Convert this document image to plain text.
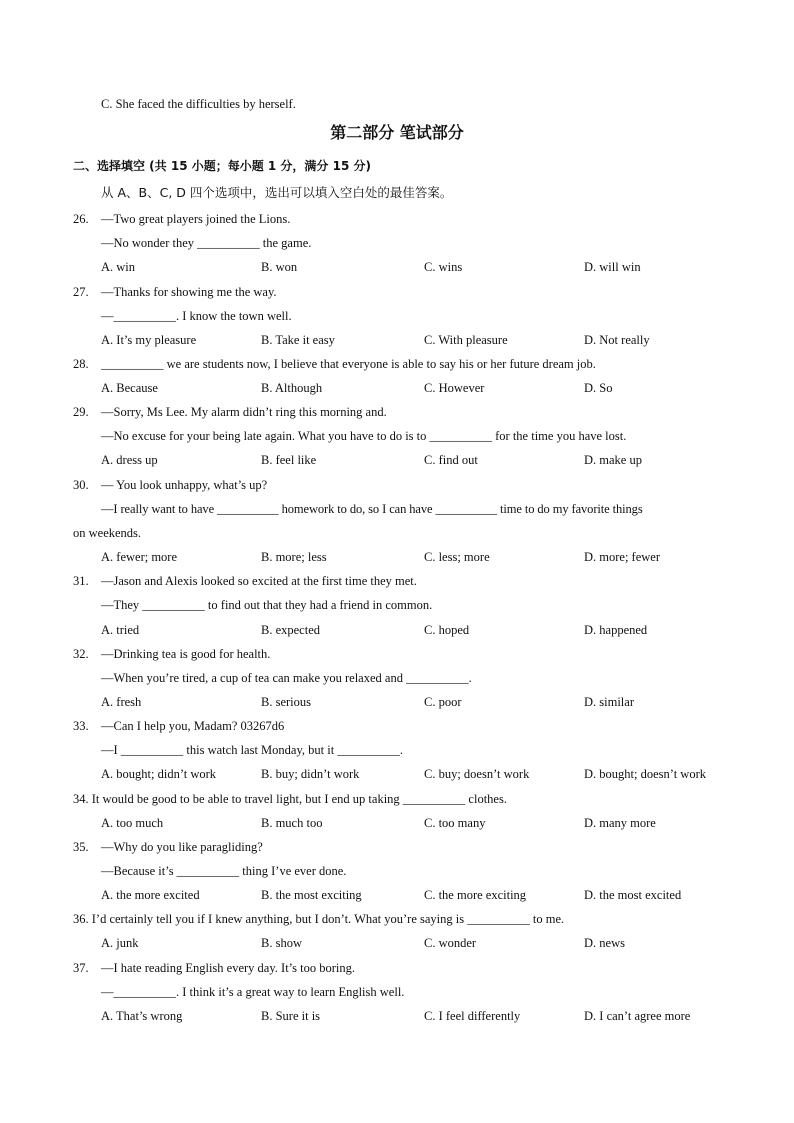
C. She faced the difficulties by herself.
第二部分 笔试部分
二、选择填空 (共 15 小题；每小题 1 分，满分 15 分)
从 A、B、C, D 四个选项中，选出可以填入空白处的最佳答案。
26. —Two great players joined the Lions.
—No wonder they __________ the game.
A. win	B. won	C. wins	D. will win
27. —Thanks for showing me the way.
—__________. I know the town well.
A. It’s my pleasure	B. Take it easy	C. With pleasure	D. Not really
28. __________ we are students now, I believe that everyone is able to say his or her future dream job.
A. Because	B. Although	C. However	D. So
29. —Sorry, Ms Lee. My alarm didn’t ring this morning and.
—No excuse for your being late again. What you have to do is to __________ for the time you have lost.
A. dress up	B. feel like	C. find out	D. make up
30. — You look unhappy, what’s up?
—I really want to have __________ homework to do, so I can have __________ time to do my favorite things
on weekends.
A. fewer; more	B. more; less	C. less; more	D. more; fewer
31. —Jason and Alexis looked so excited at the first time they met.
—They __________ to find out that they had a friend in common.
A. tried	B. expected	C. hoped	D. happened
32. —Drinking tea is good for health.
—When you’re tired, a cup of tea can make you relaxed and __________.
A. fresh	B. serious	C. poor	D. similar
33. —Can I help you, Madam? 03267d6
—I __________ this watch last Monday, but it __________.
A. bought; didn’t work	B. buy; didn’t work	C. buy; doesn’t work	D. bought; doesn’t work
34. It would be good to be able to travel light, but I end up taking __________ clothes.
A. too much	B. much too	C. too many	D. many more
35. —Why do you like paragliding?
—Because it’s __________ thing I’ve ever done.
A. the more excited	B. the most exciting	C. the more exciting	D. the most excited
36. I’d certainly tell you if I knew anything, but I don’t. What you’re saying is __________ to me.
A. junk	B. show	C. wonder	D. news
37. —I hate reading English every day. It’s too boring.
—__________. I think it’s a great way to learn English well.
A. That’s wrong	B. Sure it is	C. I feel differently	D. I can’t agree more
